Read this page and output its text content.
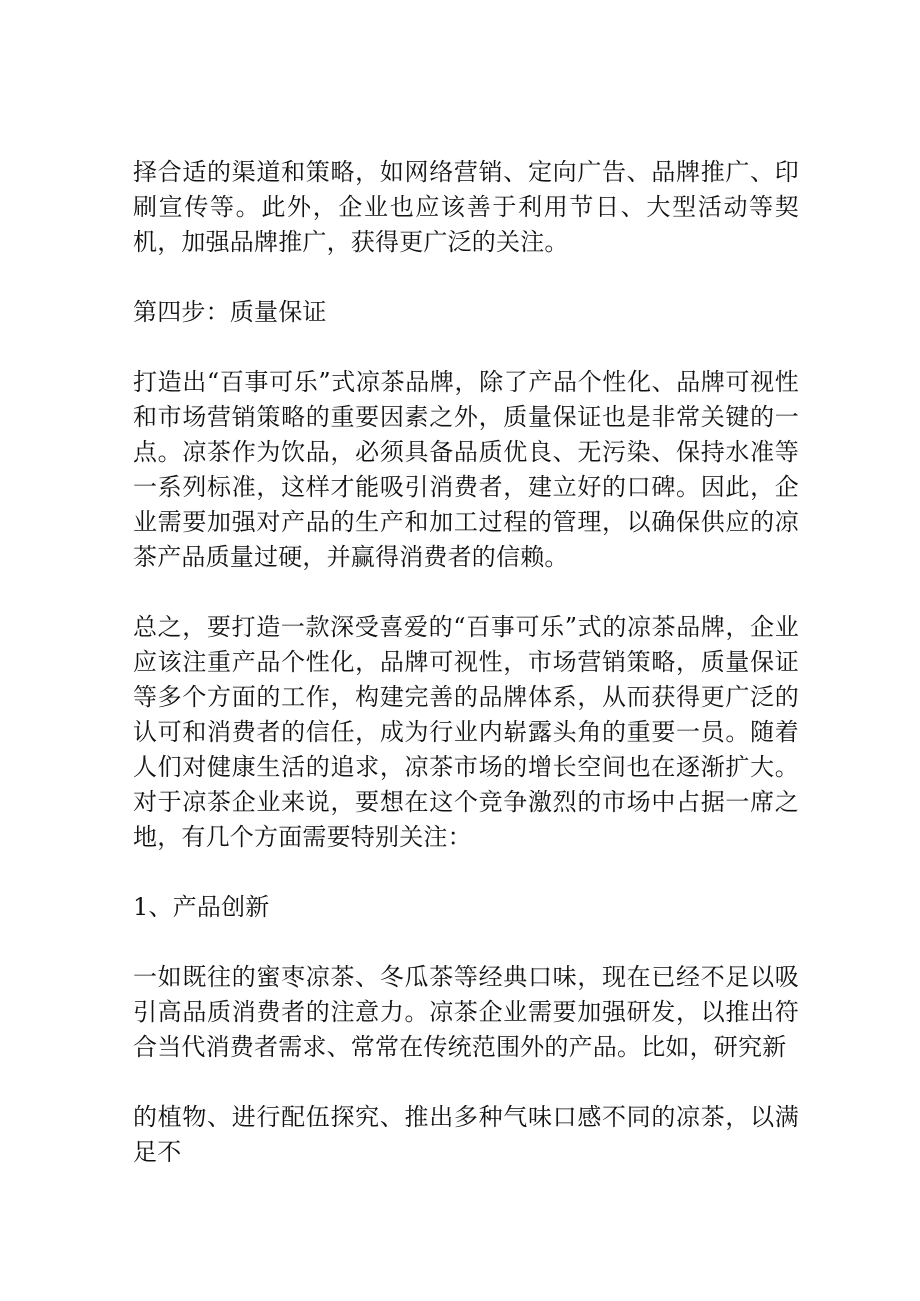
择合适的渠道和策略，如网络营销、定向广告、品牌推广、印刷宣传等。此外，企业也应该善于利用节日、大型活动等契机，加强品牌推广，获得更广泛的关注。

第四步：质量保证

打造出“百事可乐”式凉茶品牌，除了产品个性化、品牌可视性和市场营销策略的重要因素之外，质量保证也是非常关键的一点。凉茶作为饮品，必须具备品质优良、无污染、保持水准等一系列标准，这样才能吸引消费者，建立好的口碑。因此，企业需要加强对产品的生产和加工过程的管理，以确保供应的凉茶产品质量过硬，并赢得消费者的信赖。

总之，要打造一款深受喜爱的“百事可乐”式的凉茶品牌，企业应该注重产品个性化，品牌可视性，市场营销策略，质量保证等多个方面的工作，构建完善的品牌体系，从而获得更广泛的认可和消费者的信任，成为行业内崭露头角的重要一员。随着人们对健康生活的追求，凉茶市场的增长空间也在逐渐扩大。对于凉茶企业来说，要想在这个竞争激烈的市场中占据一席之地，有几个方面需要特别关注：

1、产品创新

一如既往的蜜枣凉茶、冬瓜茶等经典口味，现在已经不足以吸引高品质消费者的注意力。凉茶企业需要加强研发，以推出符合当代消费者需求、常常在传统范围外的产品。比如，研究新

的植物、进行配伍探究、推出多种气味口感不同的凉茶，以满足不
